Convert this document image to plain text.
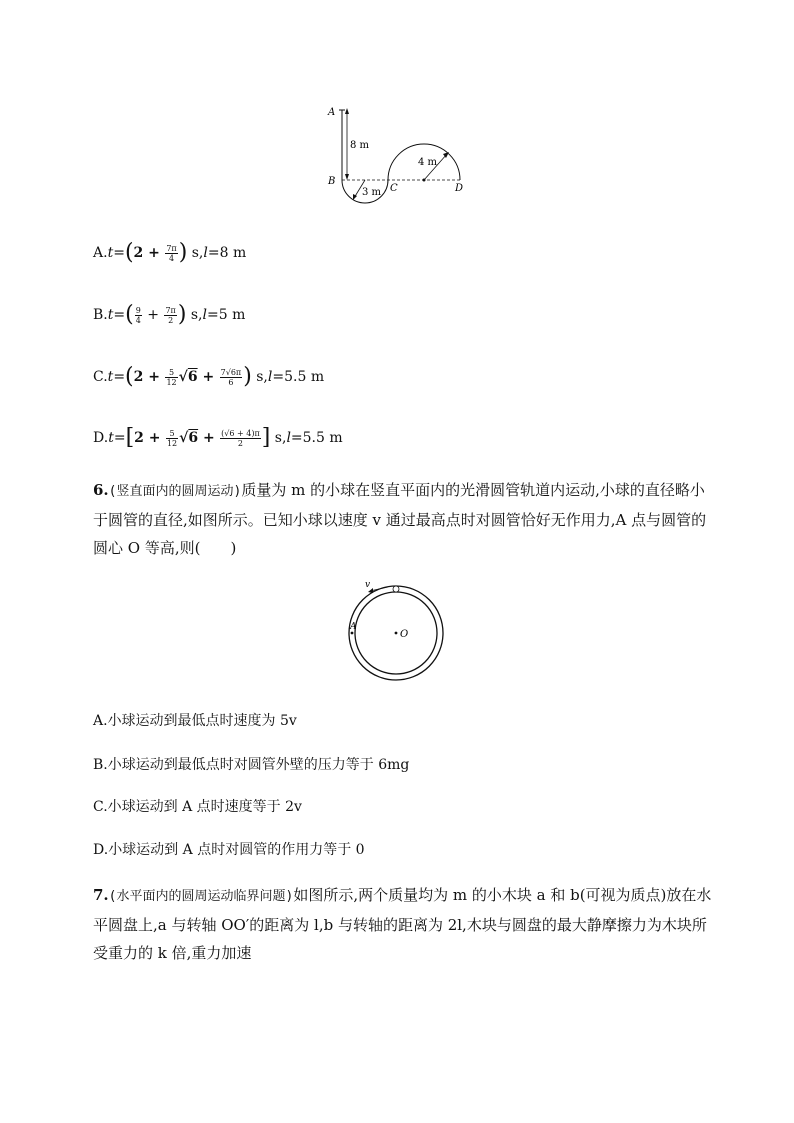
A
B
C	D
8 m
3 m
4 m
$A.t=(2 + \frac{7\pi}{4}$ ) s,l=8 m
$B.t=( \frac{9}{4} + \frac{7\pi}{2}$ ) s,l=5 m
$C.t=(2 + \frac{5}{12} √6 + \frac{7√6\pi}{6}$ ) s,l=5.5 m
$D.t=[2 + \frac{5}{12} √6 + \frac{(√6 + 4)\pi}{2}$ ] s,l=5.5 m
6.(竖直面内的圆周运动)质量为 m 的小球在竖直平面内的光滑圆管轨道内运动,小球的直径略小于圆管的直径,如图所示。已知小球以速度 v 通过最高点时对圆管恰好无作用力,A 点与圆管的圆心 O 等高,则(　　)
v
A
O
A.小球运动到最低点时速度为 5v
B.小球运动到最低点时对圆管外壁的压力等于 6mg
C.小球运动到 A 点时速度等于 2v
D.小球运动到 A 点时对圆管的作用力等于 0
7.(水平面内的圆周运动临界问题)如图所示,两个质量均为 m 的小木块 a 和 b(可视为质点)放在水平圆盘上,a 与转轴 OO′的距离为 l,b 与转轴的距离为 2l,木块与圆盘的最大静摩擦力为木块所受重力的 k 倍,重力加速
